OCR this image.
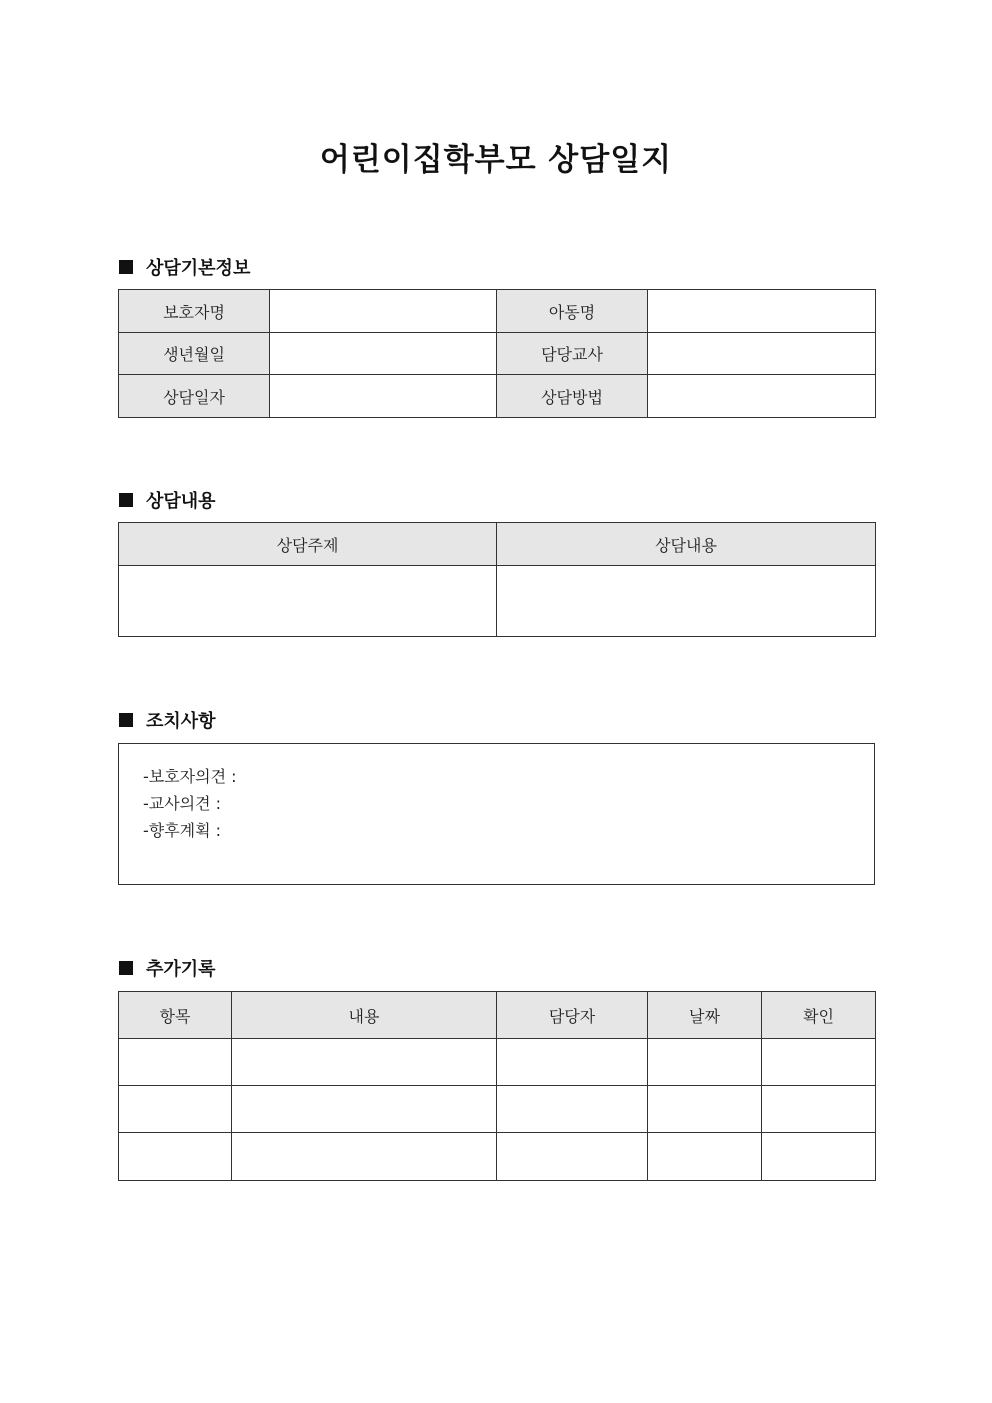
어린이집학부모 상담일지
상담기본정보
보호자명		아동명	
생년월일		담당교사	
상담일자		상담방법	
상담내용
상담주제	상담내용

조치사항
-보호자의견 :
-교사의견 :
-향후계획 :
추가기록
항목	내용	담당자	날짜	확인
